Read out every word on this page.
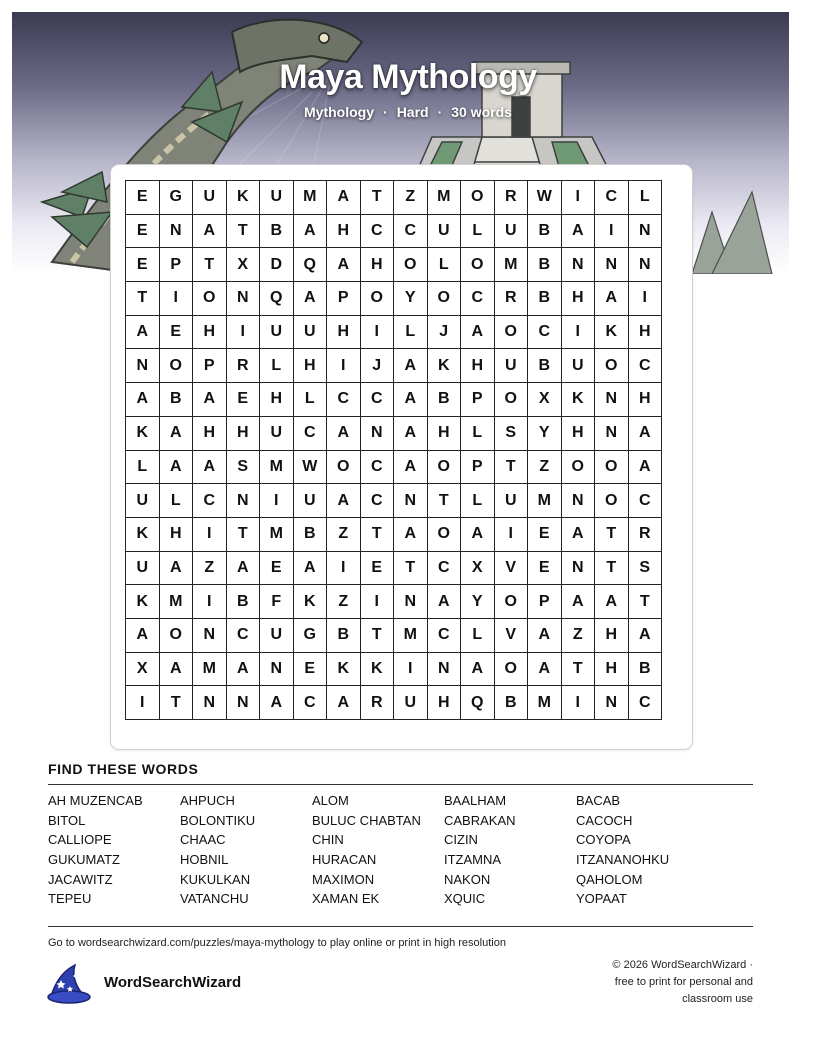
Maya Mythology
Mythology · Hard · 30 words
E	G	U	K	U	M	A	T	Z	M	O	R	W	I	C	L
E	N	A	T	B	A	H	C	C	U	L	U	B	A	I	N
E	P	T	X	D	Q	A	H	O	L	O	M	B	N	N	N
T	I	O	N	Q	A	P	O	Y	O	C	R	B	H	A	I
A	E	H	I	U	U	H	I	L	J	A	O	C	I	K	H
N	O	P	R	L	H	I	J	A	K	H	U	B	U	O	C
A	B	A	E	H	L	C	C	A	B	P	O	X	K	N	H
K	A	H	H	U	C	A	N	A	H	L	S	Y	H	N	A
L	A	A	S	M	W	O	C	A	O	P	T	Z	O	O	A
U	L	C	N	I	U	A	C	N	T	L	U	M	N	O	C
K	H	I	T	M	B	Z	T	A	O	A	I	E	A	T	R
U	A	Z	A	E	A	I	E	T	C	X	V	E	N	T	S
K	M	I	B	F	K	Z	I	N	A	Y	O	P	A	A	T
A	O	N	C	U	G	B	T	M	C	L	V	A	Z	H	A
X	A	M	A	N	E	K	K	I	N	A	O	A	T	H	B
I	T	N	N	A	C	A	R	U	H	Q	B	M	I	N	C
FIND THESE WORDS
AH MUZENCAB	AHPUCH	ALOM	BAALHAM	BACAB
BITOL	BOLONTIKU	BULUC CHABTAN	CABRAKAN	CACOCH
CALLIOPE	CHAAC	CHIN	CIZIN	COYOPA
GUKUMATZ	HOBNIL	HURACAN	ITZAMNA	ITZANANOHKU
JACAWITZ	KUKULKAN	MAXIMON	NAKON	QAHOLOM
TEPEU	VATANCHU	XAMAN EK	XQUIC	YOPAAT
Go to wordsearchwizard.com/puzzles/maya-mythology to play online or print in high resolution
WordSearchWizard
© 2026 WordSearchWizard ·
free to print for personal and
classroom use
